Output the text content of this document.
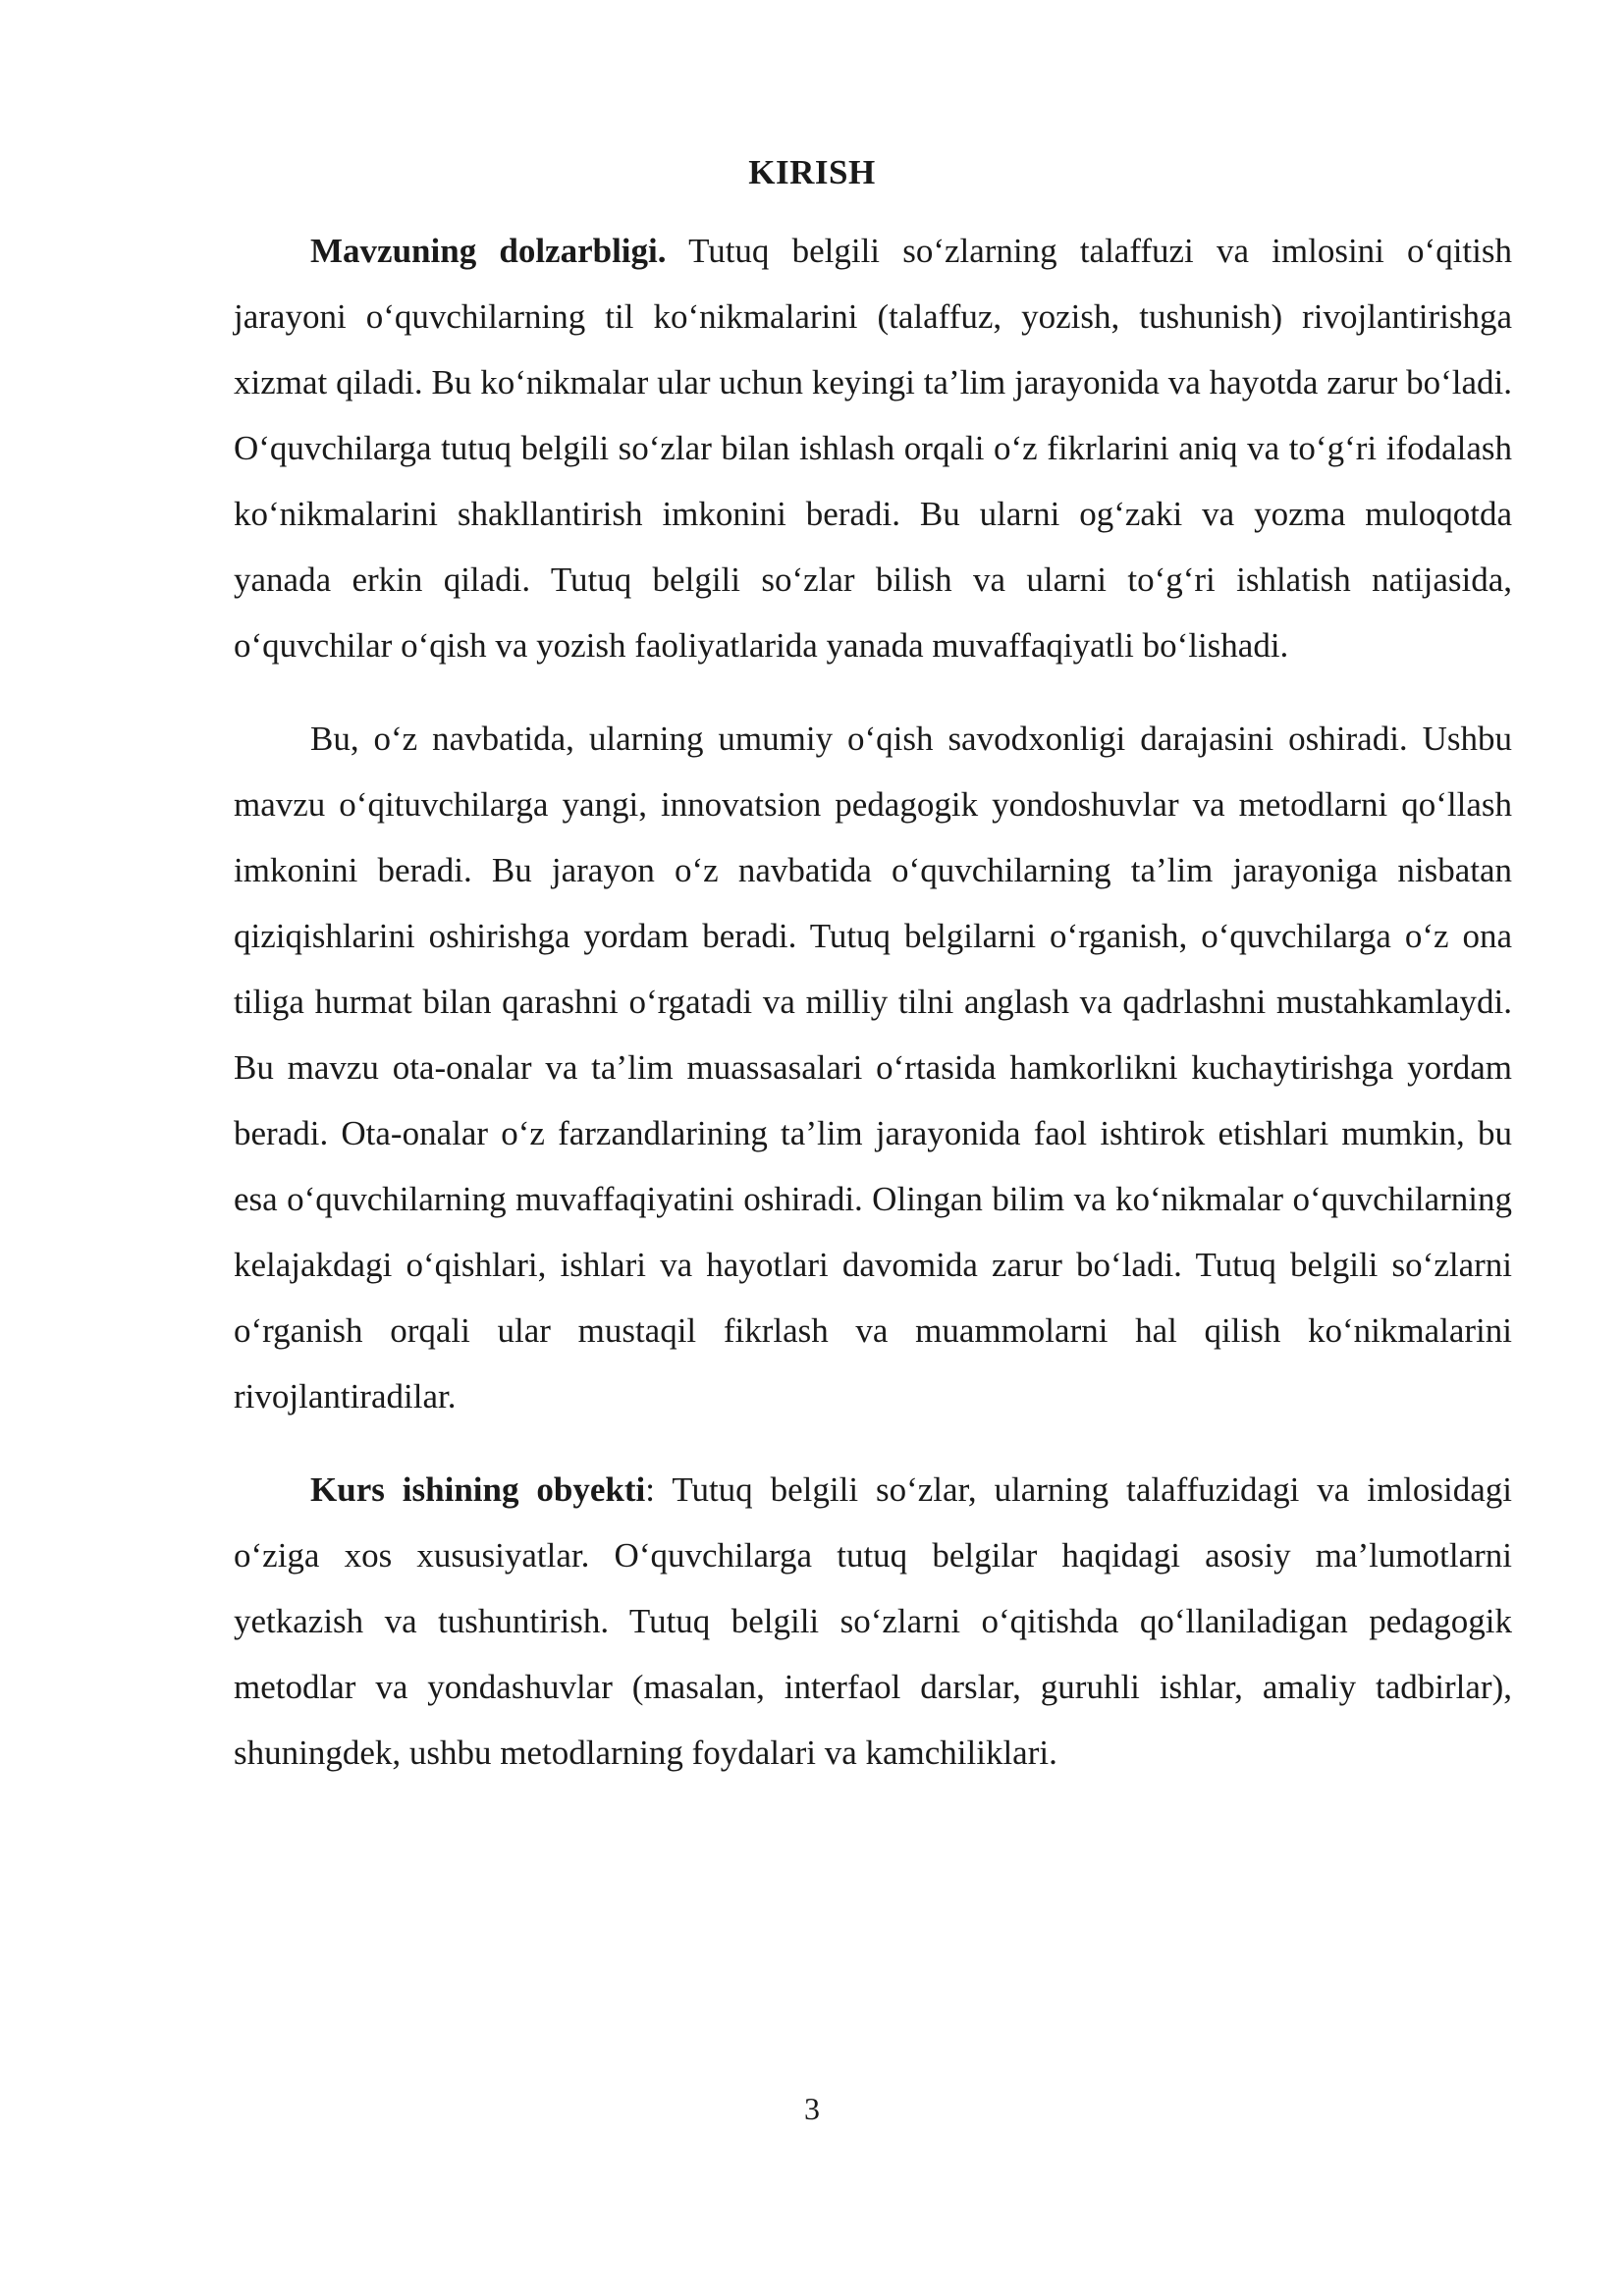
KIRISH

Mavzuning dolzarbligi. Tutuq belgili so‘zlarning talaffuzi va imlosini o‘qitish jarayoni o‘quvchilarning til ko‘nikmalarini (talaffuz, yozish, tushunish) rivojlantirishga xizmat qiladi. Bu ko‘nikmalar ular uchun keyingi ta’lim jarayonida va hayotda zarur bo‘ladi. O‘quvchilarga tutuq belgili so‘zlar bilan ishlash orqali o‘z fikrlarini aniq va to‘g‘ri ifodalash ko‘nikmalarini shakllantirish imkonini beradi. Bu ularni og‘zaki va yozma muloqotda yanada erkin qiladi. Tutuq belgili so‘zlar bilish va ularni to‘g‘ri ishlatish natijasida, o‘quvchilar o‘qish va yozish faoliyatlarida yanada muvaffaqiyatli bo‘lishadi.

Bu, o‘z navbatida, ularning umumiy o‘qish savodxonligi darajasini oshiradi. Ushbu mavzu o‘qituvchilarga yangi, innovatsion pedagogik yondoshuvlar va metodlarni qo‘llash imkonini beradi. Bu jarayon o‘z navbatida o‘quvchilarning ta’lim jarayoniga nisbatan qiziqishlarini oshirishga yordam beradi. Tutuq belgilarni o‘rganish, o‘quvchilarga o‘z ona tiliga hurmat bilan qarashni o‘rgatadi va milliy tilni anglash va qadrlashni mustahkamlaydi. Bu mavzu ota-onalar va ta’lim muassasalari o‘rtasida hamkorlikni kuchaytirishga yordam beradi. Ota-onalar o‘z farzandlarining ta’lim jarayonida faol ishtirok etishlari mumkin, bu esa o‘quvchilarning muvaffaqiyatini oshiradi. Olingan bilim va ko‘nikmalar o‘quvchilarning kelajakdagi o‘qishlari, ishlari va hayotlari davomida zarur bo‘ladi. Tutuq belgili so‘zlarni o‘rganish orqali ular mustaqil fikrlash va muammolarni hal qilish ko‘nikmalarini rivojlantiradilar.

Kurs ishining obyekti: Tutuq belgili so‘zlar, ularning talaffuzidagi va imlosidagi o‘ziga xos xususiyatlar. O‘quvchilarga tutuq belgilar haqidagi asosiy ma’lumotlarni yetkazish va tushuntirish. Tutuq belgili so‘zlarni o‘qitishda qo‘llaniladigan pedagogik metodlar va yondashuvlar (masalan, interfaol darslar, guruhli ishlar, amaliy tadbirlar), shuningdek, ushbu metodlarning foydalari va kamchiliklari.

3
